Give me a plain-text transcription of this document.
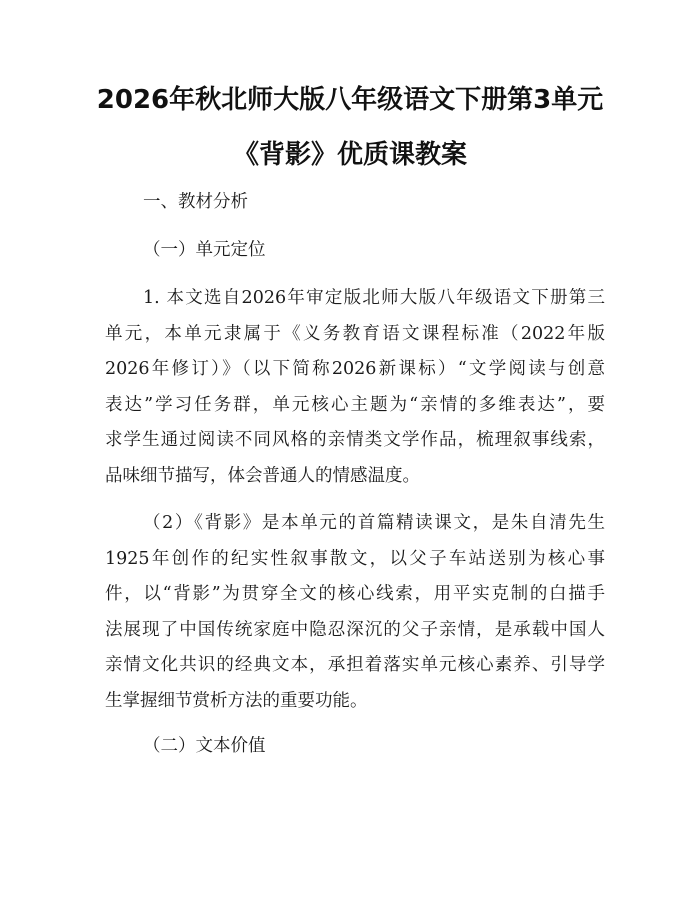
2026年秋北师大版八年级语文下册第3单元
《背影》优质课教案
一、教材分析
（一）单元定位
1. 本文选自2026年审定版北师大版八年级语文下册第三
单元，本单元隶属于《义务教育语文课程标准（2022年版
2026年修订）》（以下简称2026新课标）“文学阅读与创意
表达”学习任务群，单元核心主题为“亲情的多维表达”，要
求学生通过阅读不同风格的亲情类文学作品，梳理叙事线索，
品味细节描写，体会普通人的情感温度。
（2）《背影》是本单元的首篇精读课文，是朱自清先生
1925年创作的纪实性叙事散文，以父子车站送别为核心事
件，以“背影”为贯穿全文的核心线索，用平实克制的白描手
法展现了中国传统家庭中隐忍深沉的父子亲情，是承载中国人
亲情文化共识的经典文本，承担着落实单元核心素养、引导学
生掌握细节赏析方法的重要功能。
（二）文本价值
